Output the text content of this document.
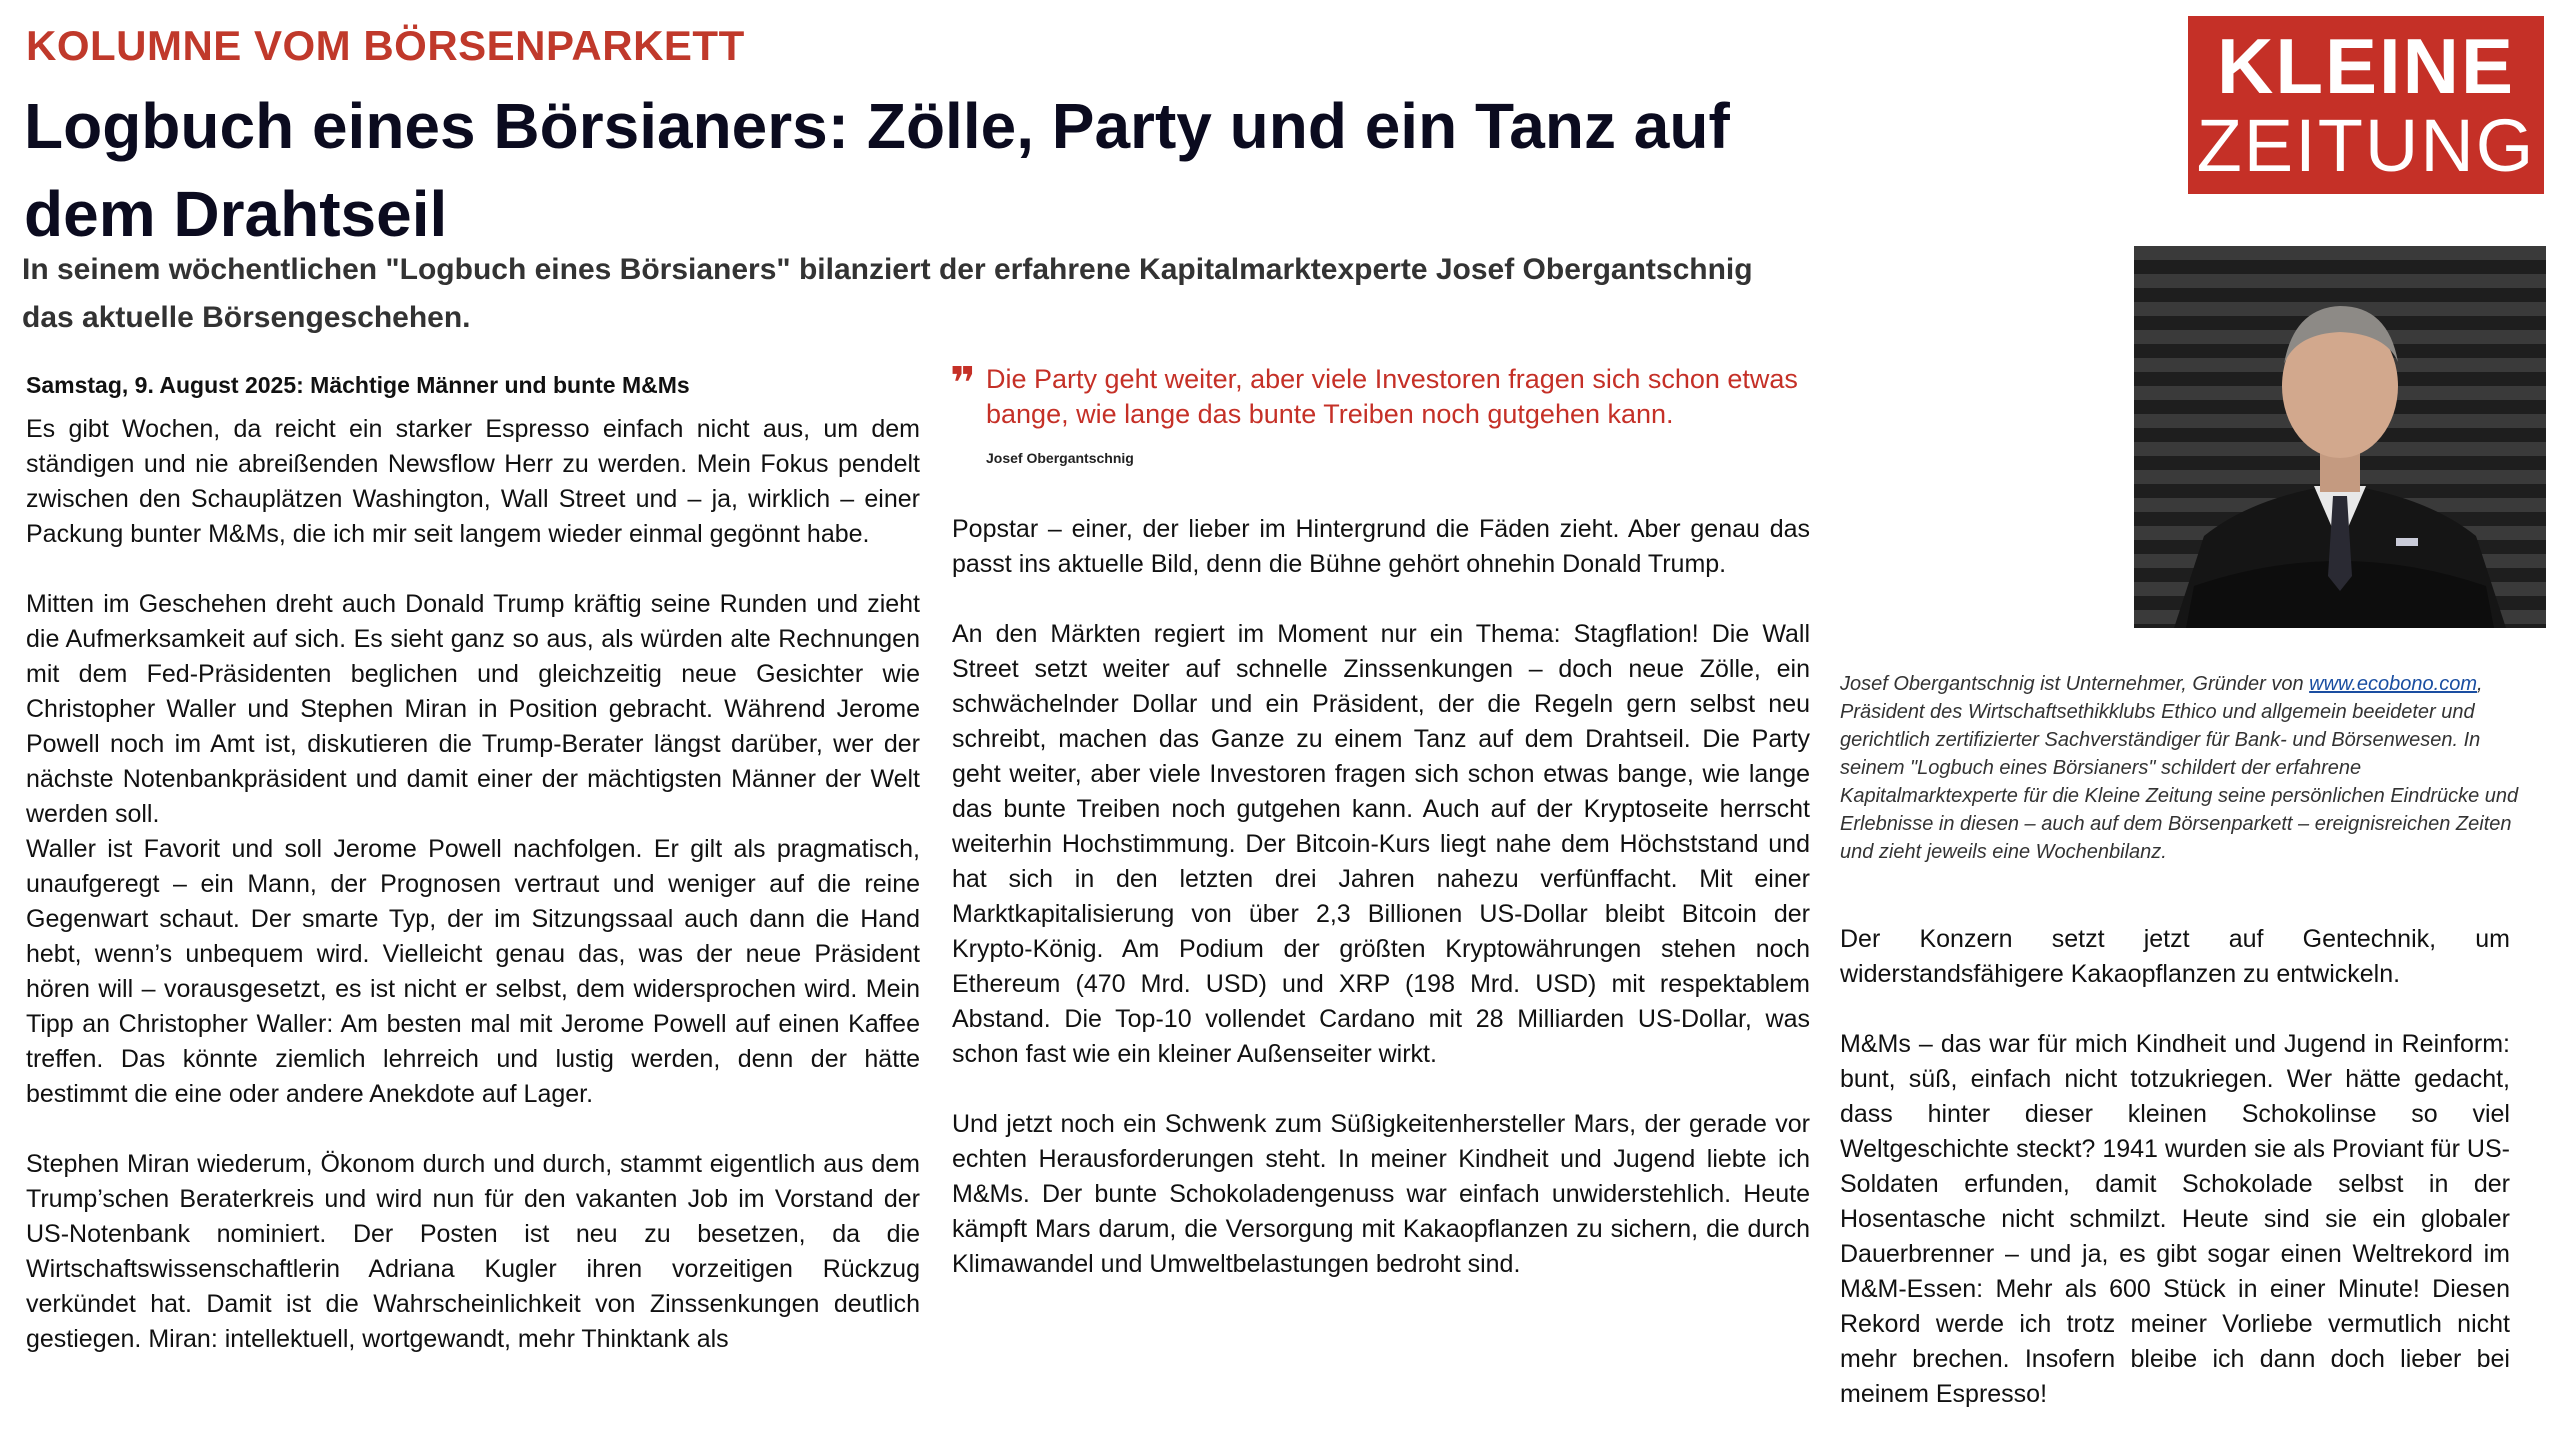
KOLUMNE VOM BÖRSENPARKETT
Logbuch eines Börsianers: Zölle, Party und ein Tanz auf dem Drahtseil
In seinem wöchentlichen "Logbuch eines Börsianers" bilanziert der erfahrene Kapitalmarktexperte Josef Obergantschnig das aktuelle Börsengeschehen.
KLEINE
ZEITUNG
Samstag, 9. August 2025: Mächtige Männer und bunte M&Ms

Es gibt Wochen, da reicht ein starker Espresso einfach nicht aus, um dem ständigen und nie abreißenden Newsflow Herr zu werden. Mein Fokus pendelt zwischen den Schauplätzen Washington, Wall Street und – ja, wirklich – einer Packung bunter M&Ms, die ich mir seit langem wieder einmal gegönnt habe.

Mitten im Geschehen dreht auch Donald Trump kräftig seine Runden und zieht die Aufmerksamkeit auf sich. Es sieht ganz so aus, als würden alte Rechnungen mit dem Fed-Präsidenten beglichen und gleichzeitig neue Gesichter wie Christopher Waller und Stephen Miran in Position gebracht. Während Jerome Powell noch im Amt ist, diskutieren die Trump-Berater längst darüber, wer der nächste Notenbankpräsident und damit einer der mächtigsten Männer der Welt werden soll.

Waller ist Favorit und soll Jerome Powell nachfolgen. Er gilt als pragmatisch, unaufgeregt – ein Mann, der Prognosen vertraut und weniger auf die reine Gegenwart schaut. Der smarte Typ, der im Sitzungssaal auch dann die Hand hebt, wenn’s unbequem wird. Vielleicht genau das, was der neue Präsident hören will – vorausgesetzt, es ist nicht er selbst, dem widersprochen wird. Mein Tipp an Christopher Waller: Am besten mal mit Jerome Powell auf einen Kaffee treffen. Das könnte ziemlich lehrreich und lustig werden, denn der hätte bestimmt die eine oder andere Anekdote auf Lager.

Stephen Miran wiederum, Ökonom durch und durch, stammt eigentlich aus dem Trump’schen Beraterkreis und wird nun für den vakanten Job im Vorstand der US-Notenbank nominiert. Der Posten ist neu zu besetzen, da die Wirtschaftswissenschaftlerin Adriana Kugler ihren vorzeitigen Rückzug verkündet hat. Damit ist die Wahrscheinlichkeit von Zinssenkungen deutlich gestiegen. Miran: intellektuell, wortgewandt, mehr Thinktank als

❞ Die Party geht weiter, aber viele Investoren fragen sich schon etwas bange, wie lange das bunte Treiben noch gutgehen kann.
Josef Obergantschnig

Popstar – einer, der lieber im Hintergrund die Fäden zieht. Aber genau das passt ins aktuelle Bild, denn die Bühne gehört ohnehin Donald Trump.

An den Märkten regiert im Moment nur ein Thema: Stagflation! Die Wall Street setzt weiter auf schnelle Zinssenkungen – doch neue Zölle, ein schwächelnder Dollar und ein Präsident, der die Regeln gern selbst neu schreibt, machen das Ganze zu einem Tanz auf dem Drahtseil. Die Party geht weiter, aber viele Investoren fragen sich schon etwas bange, wie lange das bunte Treiben noch gutgehen kann. Auch auf der Kryptoseite herrscht weiterhin Hochstimmung. Der Bitcoin-Kurs liegt nahe dem Höchststand und hat sich in den letzten drei Jahren nahezu verfünffacht. Mit einer Marktkapitalisierung von über 2,3 Billionen US-Dollar bleibt Bitcoin der Krypto-König. Am Podium der größten Kryptowährungen stehen noch Ethereum (470 Mrd. USD) und XRP (198 Mrd. USD) mit respektablem Abstand. Die Top-10 vollendet Cardano mit 28 Milliarden US-Dollar, was schon fast wie ein kleiner Außenseiter wirkt.

Und jetzt noch ein Schwenk zum Süßigkeitenhersteller Mars, der gerade vor echten Herausforderungen steht. In meiner Kindheit und Jugend liebte ich M&Ms. Der bunte Schokoladengenuss war einfach unwiderstehlich. Heute kämpft Mars darum, die Versorgung mit Kakaopflanzen zu sichern, die durch Klimawandel und Umweltbelastungen bedroht sind.

Josef Obergantschnig ist Unternehmer, Gründer von www.ecobono.com, Präsident des Wirtschaftsethikklubs Ethico und allgemein beeideter und gerichtlich zertifizierter Sachverständiger für Bank- und Börsenwesen. In seinem "Logbuch eines Börsianers" schildert der erfahrene Kapitalmarktexperte für die Kleine Zeitung seine persönlichen Eindrücke und Erlebnisse in diesen – auch auf dem Börsenparkett – ereignisreichen Zeiten und zieht jeweils eine Wochenbilanz.

Der Konzern setzt jetzt auf Gentechnik, um widerstandsfähigere Kakaopflanzen zu entwickeln.

M&Ms – das war für mich Kindheit und Jugend in Reinform: bunt, süß, einfach nicht totzukriegen. Wer hätte gedacht, dass hinter dieser kleinen Schokolinse so viel Weltgeschichte steckt? 1941 wurden sie als Proviant für US-Soldaten erfunden, damit Schokolade selbst in der Hosentasche nicht schmilzt. Heute sind sie ein globaler Dauerbrenner – und ja, es gibt sogar einen Weltrekord im M&M-Essen: Mehr als 600 Stück in einer Minute! Diesen Rekord werde ich trotz meiner Vorliebe vermutlich nicht mehr brechen. Insofern bleibe ich dann doch lieber bei meinem Espresso!
